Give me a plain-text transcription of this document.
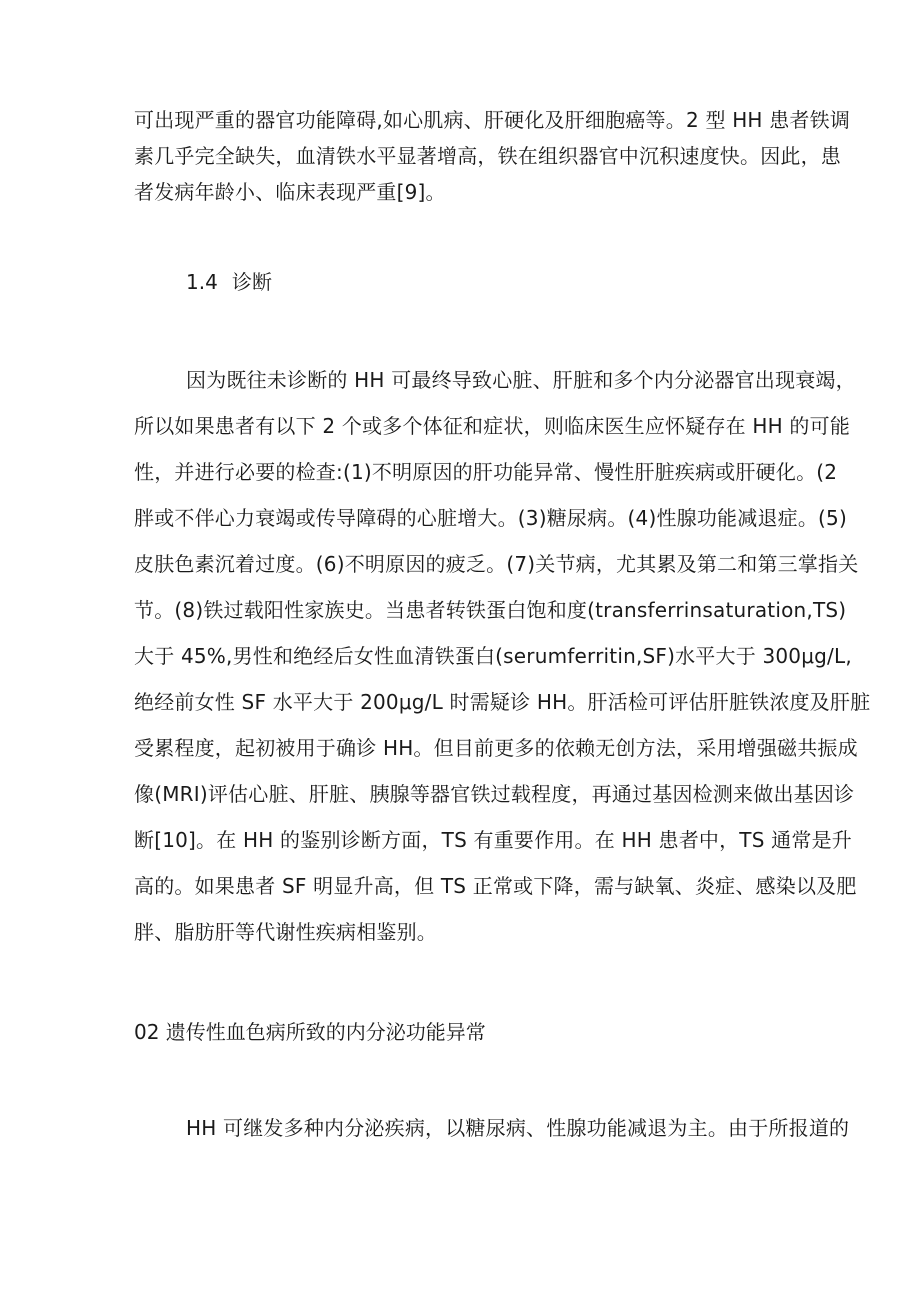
可出现严重的器官功能障碍,如心肌病、肝硬化及肝细胞癌等。2 型 HH 患者铁调
素几乎完全缺失，血清铁水平显著增高，铁在组织器官中沉积速度快。因此，患
者发病年龄小、临床表现严重[9]。
1.4 诊断
因为既往未诊断的 HH 可最终导致心脏、肝脏和多个内分泌器官出现衰竭，
所以如果患者有以下 2 个或多个体征和症状，则临床医生应怀疑存在 HH 的可能
性，并进行必要的检查:(1)不明原因的肝功能异常、慢性肝脏疾病或肝硬化。(2
胖或不伴心力衰竭或传导障碍的心脏增大。(3)糖尿病。(4)性腺功能减退症。(5)
皮肤色素沉着过度。(6)不明原因的疲乏。(7)关节病，尤其累及第二和第三掌指关
节。(8)铁过载阳性家族史。当患者转铁蛋白饱和度(transferrinsaturation,TS)
大于 45%,男性和绝经后女性血清铁蛋白(serumferritin,SF)水平大于 300μg/L,
绝经前女性 SF 水平大于 200μg/L 时需疑诊 HH。肝活检可评估肝脏铁浓度及肝脏
受累程度，起初被用于确诊 HH。但目前更多的依赖无创方法，采用增强磁共振成
像(MRI)评估心脏、肝脏、胰腺等器官铁过载程度，再通过基因检测来做出基因诊
断[10]。在 HH 的鉴别诊断方面，TS 有重要作用。在 HH 患者中，TS 通常是升
高的。如果患者 SF 明显升高，但 TS 正常或下降，需与缺氧、炎症、感染以及肥
胖、脂肪肝等代谢性疾病相鉴别。
02 遗传性血色病所致的内分泌功能异常
HH 可继发多种内分泌疾病，以糖尿病、性腺功能减退为主。由于所报道的
